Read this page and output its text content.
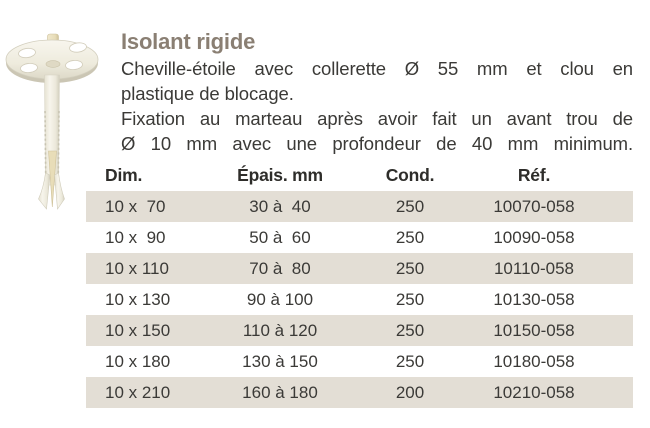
Isolant rigide
Cheville-étoile avec collerette Ø 55 mm et clou en
plastique de blocage.
Fixation au marteau après avoir fait un avant trou de
Ø 10 mm avec une profondeur de 40 mm minimum.
Dim.	Épais. mm	Cond.	Réf.
10 x  70	30 à  40	250	10070-058
10 x  90	50 à  60	250	10090-058
10 x 110	70 à  80	250	10110-058
10 x 130	90 à 100	250	10130-058
10 x 150	110 à 120	250	10150-058
10 x 180	130 à 150	250	10180-058
10 x 210	160 à 180	200	10210-058
